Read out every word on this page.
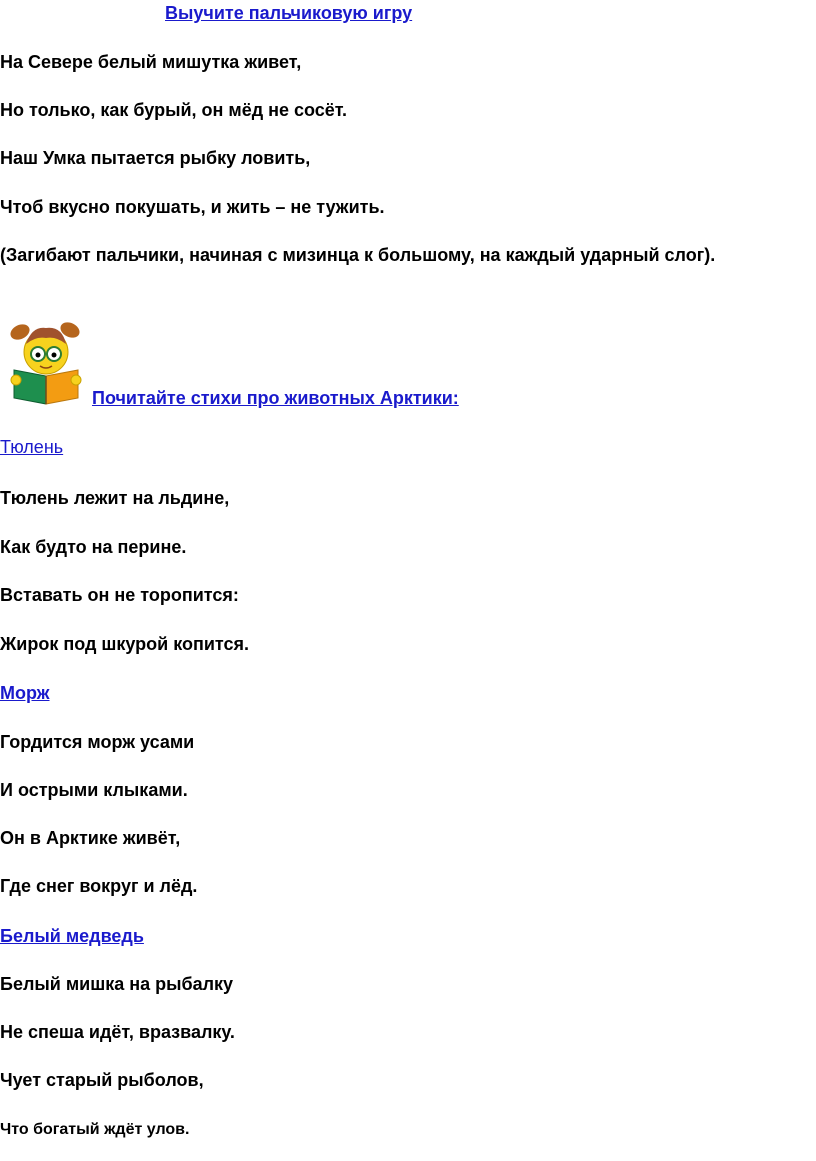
Выучите пальчиковую игру
На Севере белый мишутка живет,
Но только, как бурый, он мёд не сосёт.
Наш Умка пытается рыбку ловить,
Чтоб вкусно покушать, и жить – не тужить.
(Загибают пальчики, начиная с мизинца к большому, на каждый ударный слог).
Почитайте стихи про животных Арктики:
Тюлень
Тюлень лежит на льдине,
Как будто на перине.
Вставать он не торопится:
Жирок под шкурой копится.
Морж
Гордится морж усами
И острыми клыками.
Он в Арктике живёт,
Где снег вокруг и лёд.
Белый медведь
Белый мишка на рыбалку
Не спеша идёт, вразвалку.
Чует старый рыболов,
Что богатый ждёт улов.
